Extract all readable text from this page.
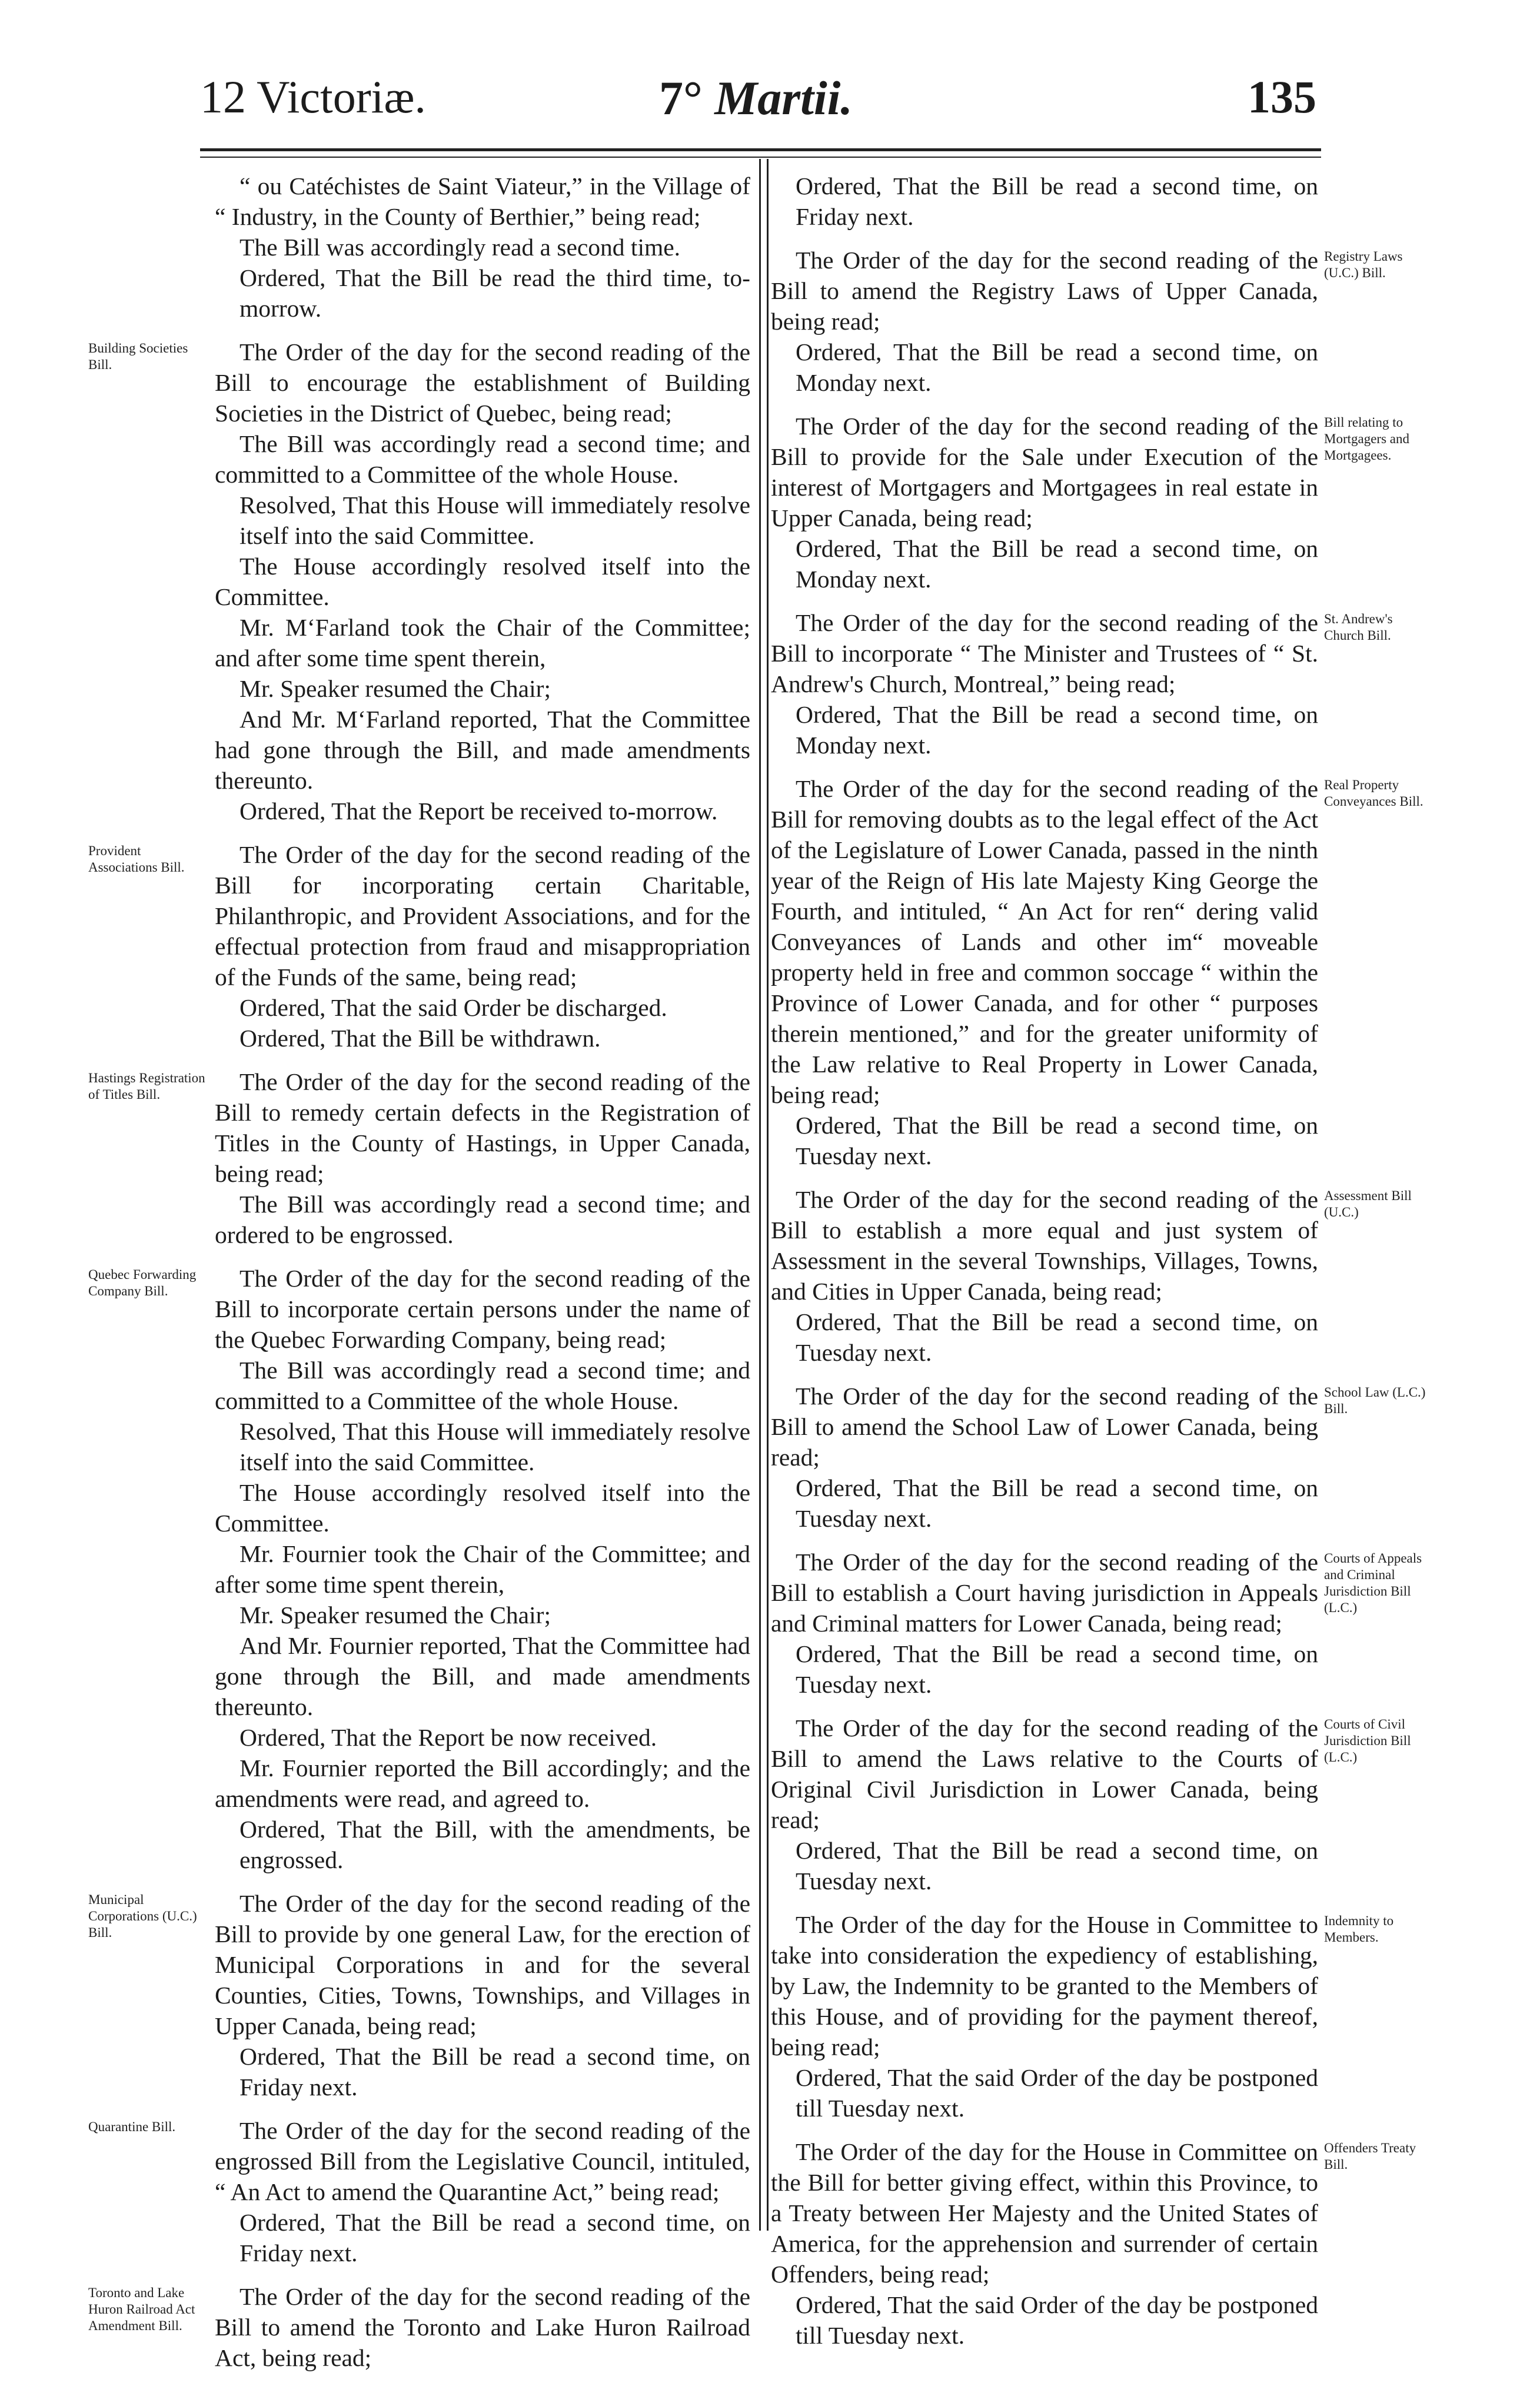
12 Victoriæ.	7° Martii.	135

“ ou Catéchistes de Saint Viateur,” in the Village of “ Industry, in the County of Berthier,” being read;

The Bill was accordingly read a second time.

Ordered, That the Bill be read the third time, to-morrow.

The Order of the day for the second reading of the Bill to encourage the establishment of Building Societies in the District of Quebec, being read;

The Bill was accordingly read a second time; and committed to a Committee of the whole House.

Resolved, That this House will immediately resolve itself into the said Committee.

The House accordingly resolved itself into the Committee.

Mr. M‘Farland took the Chair of the Committee; and after some time spent therein,

Mr. Speaker resumed the Chair;

And Mr. M‘Farland reported, That the Committee had gone through the Bill, and made amendments thereunto.

Ordered, That the Report be received to-morrow.

The Order of the day for the second reading of the Bill for incorporating certain Charitable, Philanthropic, and Provident Associations, and for the effectual protection from fraud and misappropriation of the Funds of the same, being read;

Ordered, That the said Order be discharged.

Ordered, That the Bill be withdrawn.

The Order of the day for the second reading of the Bill to remedy certain defects in the Registration of Titles in the County of Hastings, in Upper Canada, being read;

The Bill was accordingly read a second time; and ordered to be engrossed.

The Order of the day for the second reading of the Bill to incorporate certain persons under the name of the Quebec Forwarding Company, being read;

The Bill was accordingly read a second time; and committed to a Committee of the whole House.

Resolved, That this House will immediately resolve itself into the said Committee.

The House accordingly resolved itself into the Committee.

Mr. Fournier took the Chair of the Committee; and after some time spent therein,

Mr. Speaker resumed the Chair;

And Mr. Fournier reported, That the Committee had gone through the Bill, and made amendments thereunto.

Ordered, That the Report be now received.

Mr. Fournier reported the Bill accordingly; and the amendments were read, and agreed to.

Ordered, That the Bill, with the amendments, be engrossed.

The Order of the day for the second reading of the Bill to provide by one general Law, for the erection of Municipal Corporations in and for the several Counties, Cities, Towns, Townships, and Villages in Upper Canada, being read;

Ordered, That the Bill be read a second time, on Friday next.

The Order of the day for the second reading of the engrossed Bill from the Legislative Council, intituled, “ An Act to amend the Quarantine Act,” being read;

Ordered, That the Bill be read a second time, on Friday next.

The Order of the day for the second reading of the Bill to amend the Toronto and Lake Huron Railroad Act, being read;

Ordered, That the Bill be read a second time, on Friday next.

The Order of the day for the second reading of the Bill to amend the Registry Laws of Upper Canada, being read;

Ordered, That the Bill be read a second time, on Monday next.

The Order of the day for the second reading of the Bill to provide for the Sale under Execution of the interest of Mortgagers and Mortgagees in real estate in Upper Canada, being read;

Ordered, That the Bill be read a second time, on Monday next.

The Order of the day for the second reading of the Bill to incorporate “ The Minister and Trustees of “ St. Andrew's Church, Montreal,” being read;

Ordered, That the Bill be read a second time, on Monday next.

The Order of the day for the second reading of the Bill for removing doubts as to the legal effect of the Act of the Legislature of Lower Canada, passed in the ninth year of the Reign of His late Majesty King George the Fourth, and intituled, “ An Act for ren“ dering valid Conveyances of Lands and other im“ moveable property held in free and common soccage “ within the Province of Lower Canada, and for other “ purposes therein mentioned,” and for the greater uniformity of the Law relative to Real Property in Lower Canada, being read;

Ordered, That the Bill be read a second time, on Tuesday next.

The Order of the day for the second reading of the Bill to establish a more equal and just system of Assessment in the several Townships, Villages, Towns, and Cities in Upper Canada, being read;

Ordered, That the Bill be read a second time, on Tuesday next.

The Order of the day for the second reading of the Bill to amend the School Law of Lower Canada, being read;

Ordered, That the Bill be read a second time, on Tuesday next.

The Order of the day for the second reading of the Bill to establish a Court having jurisdiction in Appeals and Criminal matters for Lower Canada, being read;

Ordered, That the Bill be read a second time, on Tuesday next.

The Order of the day for the second reading of the Bill to amend the Laws relative to the Courts of Original Civil Jurisdiction in Lower Canada, being read;

Ordered, That the Bill be read a second time, on Tuesday next.

The Order of the day for the House in Committee to take into consideration the expediency of establishing, by Law, the Indemnity to be granted to the Members of this House, and of providing for the payment thereof, being read;

Ordered, That the said Order of the day be postponed till Tuesday next.

The Order of the day for the House in Committee on the Bill for better giving effect, within this Province, to a Treaty between Her Majesty and the United States of America, for the apprehension and surrender of certain Offenders, being read;

Ordered, That the said Order of the day be postponed till Tuesday next.

Building Societies Bill.
Provident Associations Bill.
Hastings Registration of Titles Bill.
Quebec Forwarding Company Bill.
Municipal Corporations (U.C.) Bill.
Quarantine Bill.
Toronto and Lake Huron Railroad Act Amendment Bill.
Registry Laws (U.C.) Bill.
Bill relating to Mortgagers and Mortgagees.
St. Andrew's Church Bill.
Real Property Conveyances Bill.
Assessment Bill (U.C.)
School Law (L.C.) Bill.
Courts of Appeals and Criminal Jurisdiction Bill (L.C.)
Courts of Civil Jurisdiction Bill (L.C.)
Indemnity to Members.
Offenders Treaty Bill.
